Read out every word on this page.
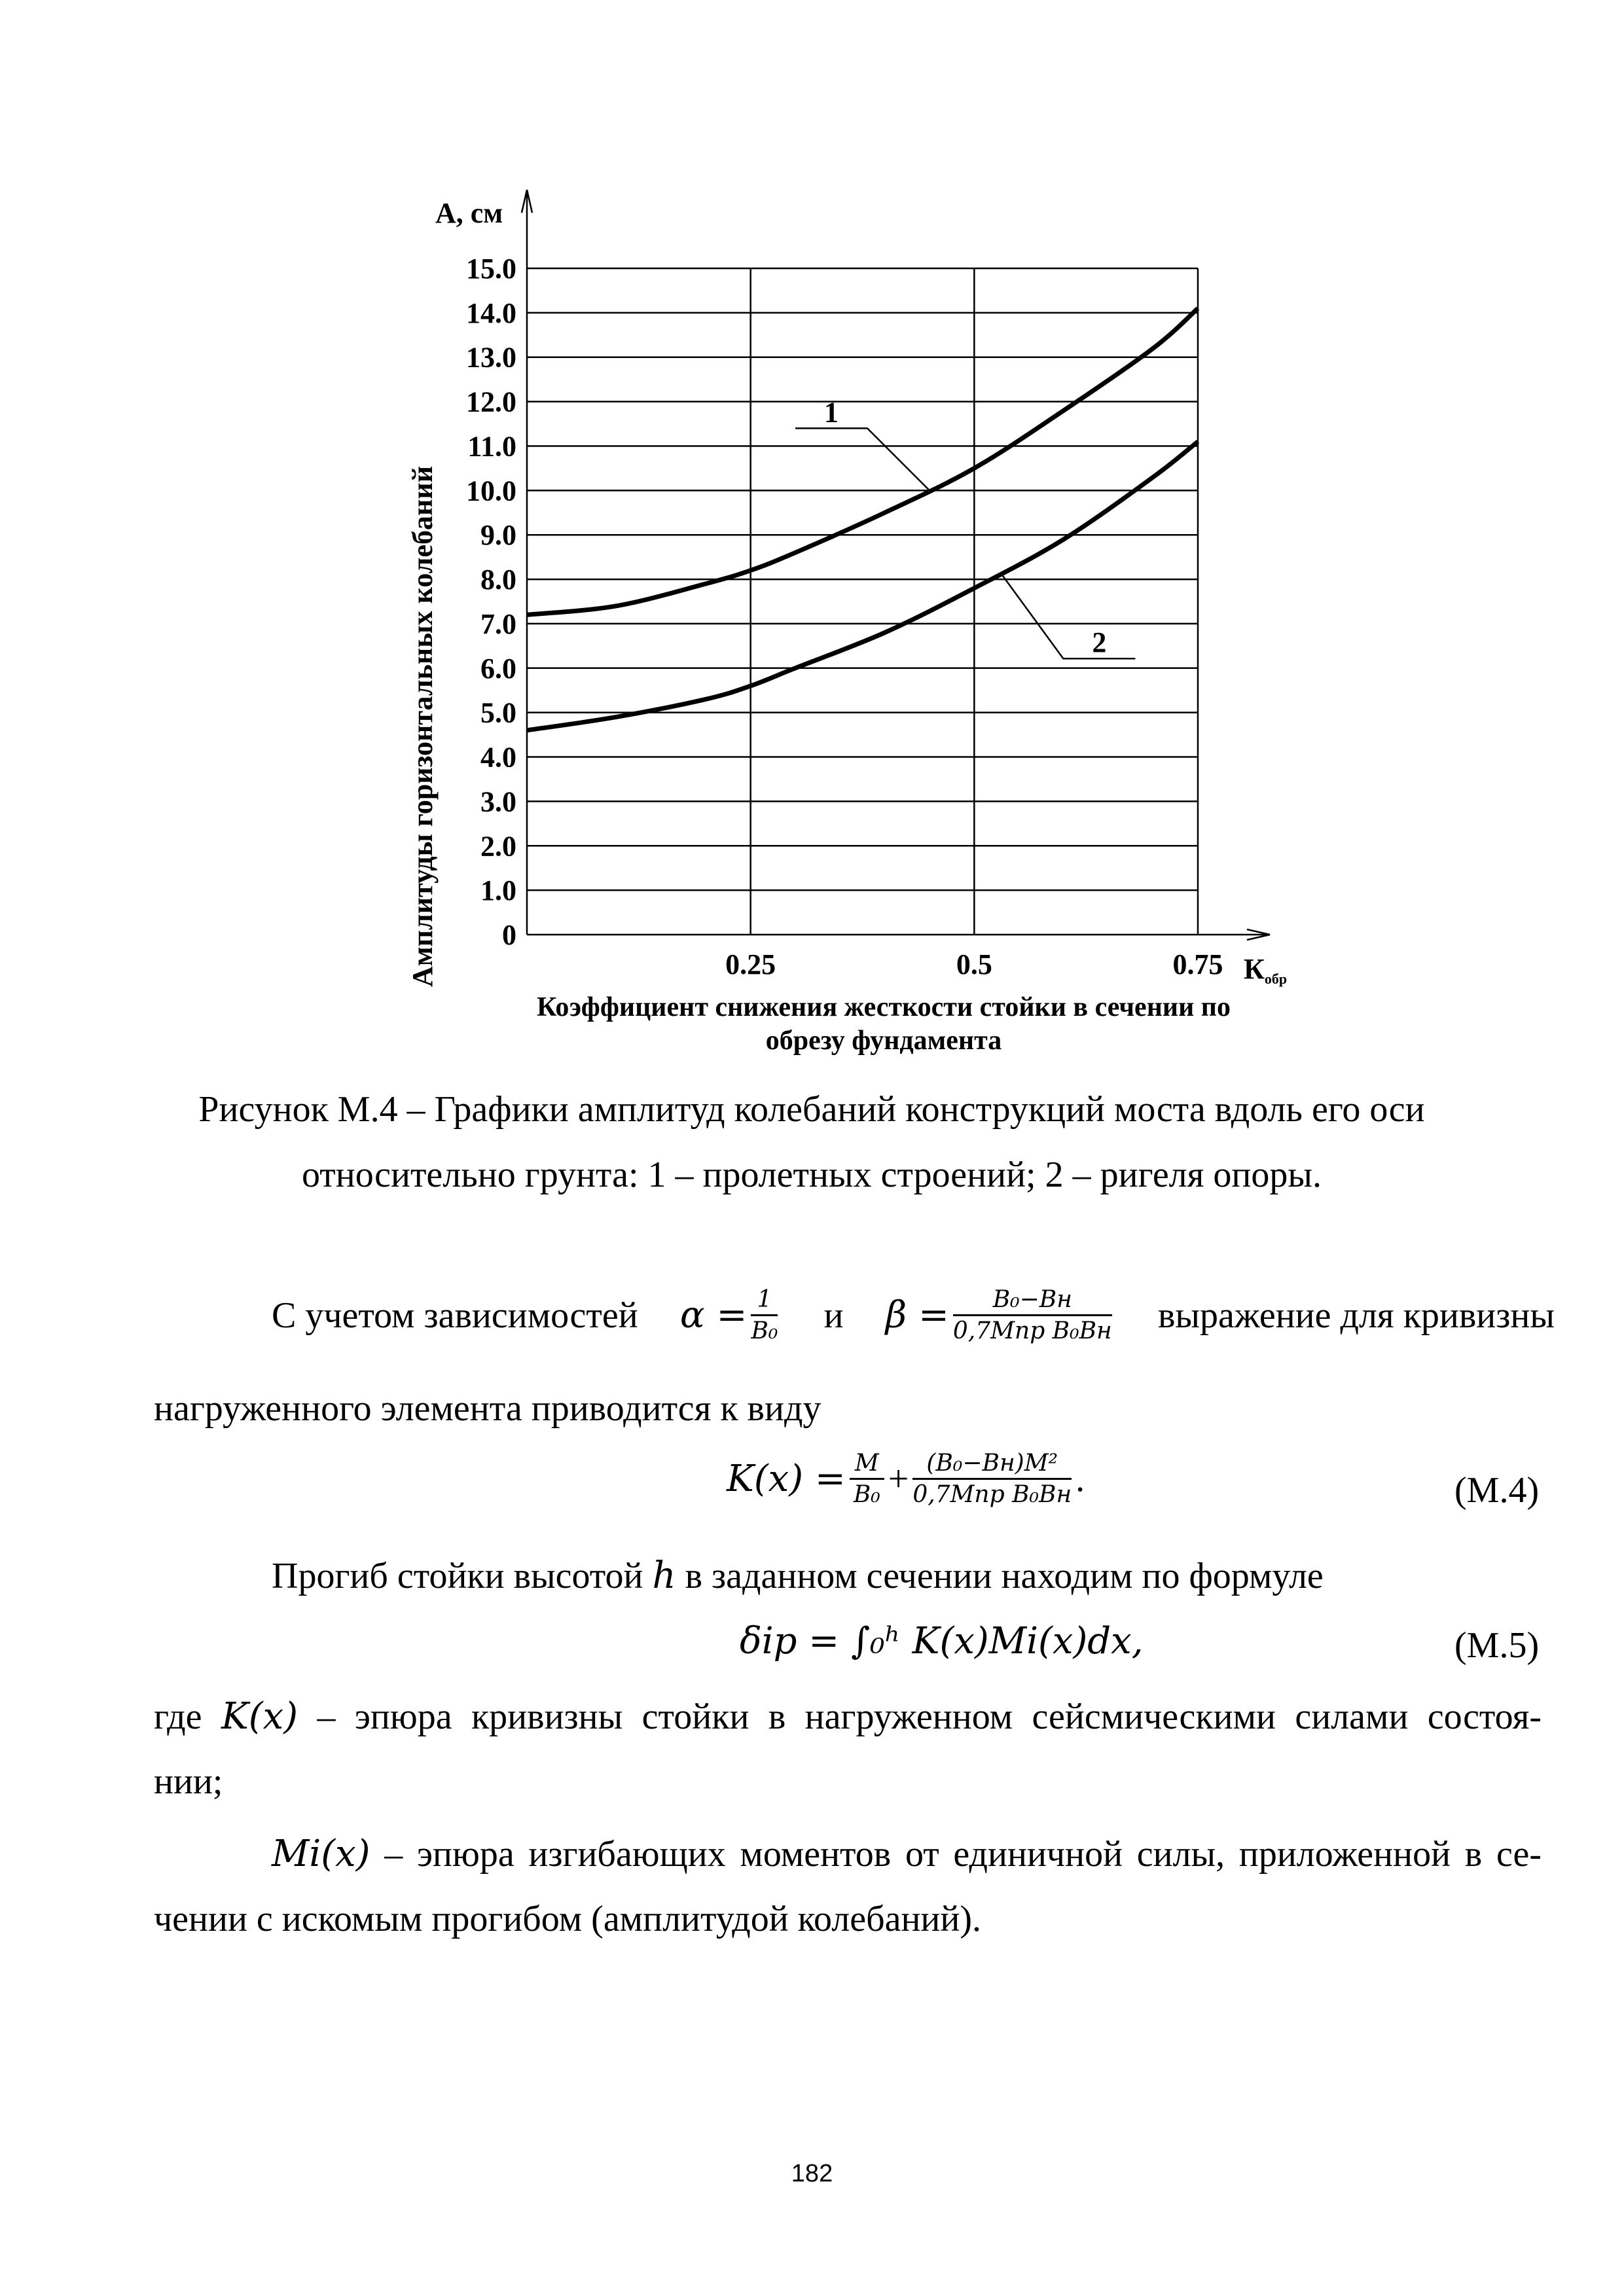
0
1.0
2.0
3.0
4.0
5.0
6.0
7.0
8.0
9.0
10.0
11.0
12.0
13.0
14.0
15.0
0.25	0.5	0.75
1
2
А, см
Амплитуды горизонтальных колебаний	Кобр
Коэффициент снижения жесткости стойки в сечении по
обрезу фундамента
Рисунок М.4 – Графики амплитуд колебаний конструкций моста вдоль его оси
относительно грунта: 1 – пролетных строений; 2 – ригеля опоры.
С учетом зависимостей $\alpha = \frac{1}{\text{B₀}}$ и $\beta = \frac{\text{B₀−Bн}}{\text{0,7Mпр B₀Bн}}$ выражение для кривизны
нагруженного элемента приводится к виду
$K(x) = \frac{M}{\text{B₀}} + \frac{\text{(B₀−Bн)M²}}{\text{0,7Mпр B₀Bн}}$ .	(М.4)
Прогиб стойки высотой h в заданном сечении находим по формуле
δip = ∫₀ʰ K(x)Mi(x)dx,	(М.5)
где K(x) – эпюра кривизны стойки в нагруженном сейсмическими силами состоя-
нии;
Mi(x) – эпюра изгибающих моментов от единичной силы, приложенной в се-
чении с искомым прогибом (амплитудой колебаний).
182
